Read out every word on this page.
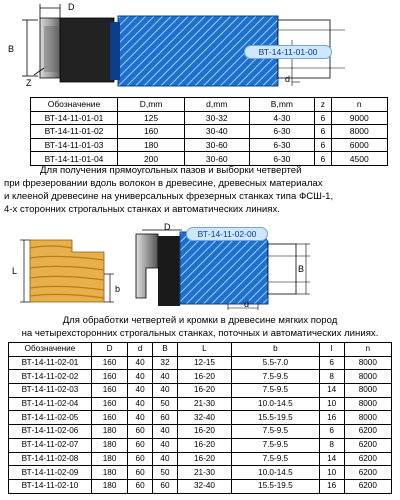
D
B
d
Z
ВТ-14-11-01-00
Обозначение	D,mm	d,mm	B,mm	z	n
ВТ-14-11-01-01	125	30-32	4-30	6	9000
ВТ-14-11-01-02	160	30-40	6-30	6	8000
ВТ-14-11-01-03	180	30-60	6-30	6	6000
ВТ-14-11-01-04	200	30-60	6-30	6	4500
Для получения прямоугольных пазов и выборки четвертей
при фрезеровании вдоль волокон в древесине, древесных материалах
и клееной древесине на универсальных фрезерных станках типа ФСШ-1,
4-х сторонних строгальных станках и автоматических линиях.
L
b
D
B
d
ВТ-14-11-02-00
Для обработки четвертей и кромки в древесине мягких пород
на четырехсторонних строгальных станках, поточных и автоматических линиях.
Обозначение	D	d	B	L	b	l	n
ВТ-14-11-02-01	160	40	32	12-15	5.5-7.0	6	8000
ВТ-14-11-02-02	160	40	40	16-20	7.5-9.5	8	8000
ВТ-14-11-02-03	160	40	40	16-20	7.5-9.5	14	8000
ВТ-14-11-02-04	160	40	50	21-30	10.0-14.5	10	8000
ВТ-14-11-02-05	160	40	60	32-40	15.5-19.5	16	8000
ВТ-14-11-02-06	180	60	40	16-20	7.5-9.5	6	6200
ВТ-14-11-02-07	180	60	40	16-20	7.5-9.5	8	6200
ВТ-14-11-02-08	180	60	40	16-20	7.5-9.5	14	6200
ВТ-14-11-02-09	180	60	50	21-30	10.0-14.5	10	6200
ВТ-14-11-02-10	180	60	60	32-40	15.5-19.5	16	6200
